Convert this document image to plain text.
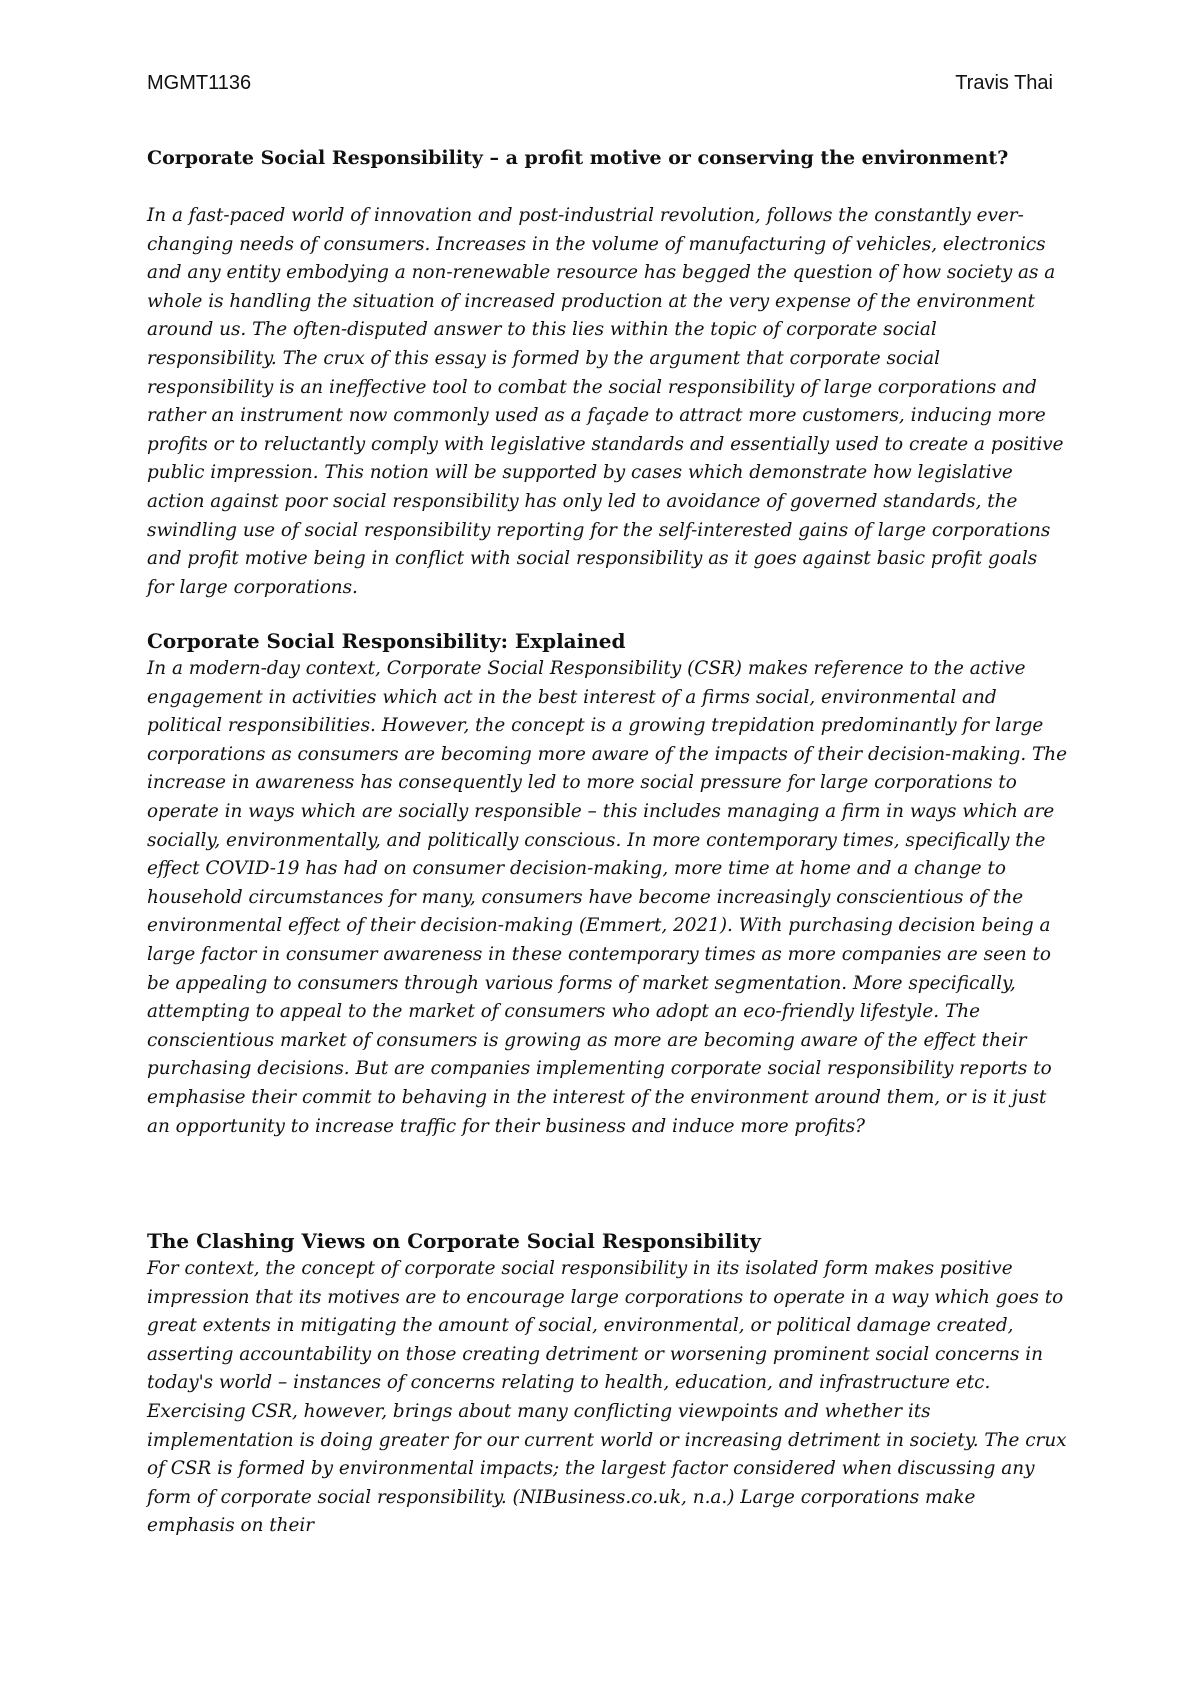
MGMT1136	Travis Thai
Corporate Social Responsibility – a profit motive or conserving the environment?

In a fast-paced world of innovation and post-industrial revolution, follows the constantly ever-changing needs of consumers. Increases in the volume of manufacturing of vehicles, electronics and any entity embodying a non-renewable resource has begged the question of how society as a whole is handling the situation of increased production at the very expense of the environment around us. The often-disputed answer to this lies within the topic of corporate social responsibility. The crux of this essay is formed by the argument that corporate social responsibility is an ineffective tool to combat the social responsibility of large corporations and rather an instrument now commonly used as a façade to attract more customers, inducing more profits or to reluctantly comply with legislative standards and essentially used to create a positive public impression. This notion will be supported by cases which demonstrate how legislative action against poor social responsibility has only led to avoidance of governed standards, the swindling use of social responsibility reporting for the self-interested gains of large corporations and profit motive being in conflict with social responsibility as it goes against basic profit goals for large corporations.

Corporate Social Responsibility: Explained

In a modern-day context, Corporate Social Responsibility (CSR) makes reference to the active engagement in activities which act in the best interest of a firms social, environmental and political responsibilities. However, the concept is a growing trepidation predominantly for large corporations as consumers are becoming more aware of the impacts of their decision-making. The increase in awareness has consequently led to more social pressure for large corporations to operate in ways which are socially responsible – this includes managing a firm in ways which are socially, environmentally, and politically conscious. In more contemporary times, specifically the effect COVID-19 has had on consumer decision-making, more time at home and a change to household circumstances for many, consumers have become increasingly conscientious of the environmental effect of their decision-making (Emmert, 2021). With purchasing decision being a large factor in consumer awareness in these contemporary times as more companies are seen to be appealing to consumers through various forms of market segmentation. More specifically, attempting to appeal to the market of consumers who adopt an eco-friendly lifestyle. The conscientious market of consumers is growing as more are becoming aware of the effect their purchasing decisions. But are companies implementing corporate social responsibility reports to emphasise their commit to behaving in the interest of the environment around them, or is it just an opportunity to increase traffic for their business and induce more profits?

The Clashing Views on Corporate Social Responsibility

For context, the concept of corporate social responsibility in its isolated form makes positive impression that its motives are to encourage large corporations to operate in a way which goes to great extents in mitigating the amount of social, environmental, or political damage created, asserting accountability on those creating detriment or worsening prominent social concerns in today's world – instances of concerns relating to health, education, and infrastructure etc. Exercising CSR, however, brings about many conflicting viewpoints and whether its implementation is doing greater for our current world or increasing detriment in society. The crux of CSR is formed by environmental impacts; the largest factor considered when discussing any form of corporate social responsibility. (NIBusiness.co.uk, n.a.) Large corporations make emphasis on their
